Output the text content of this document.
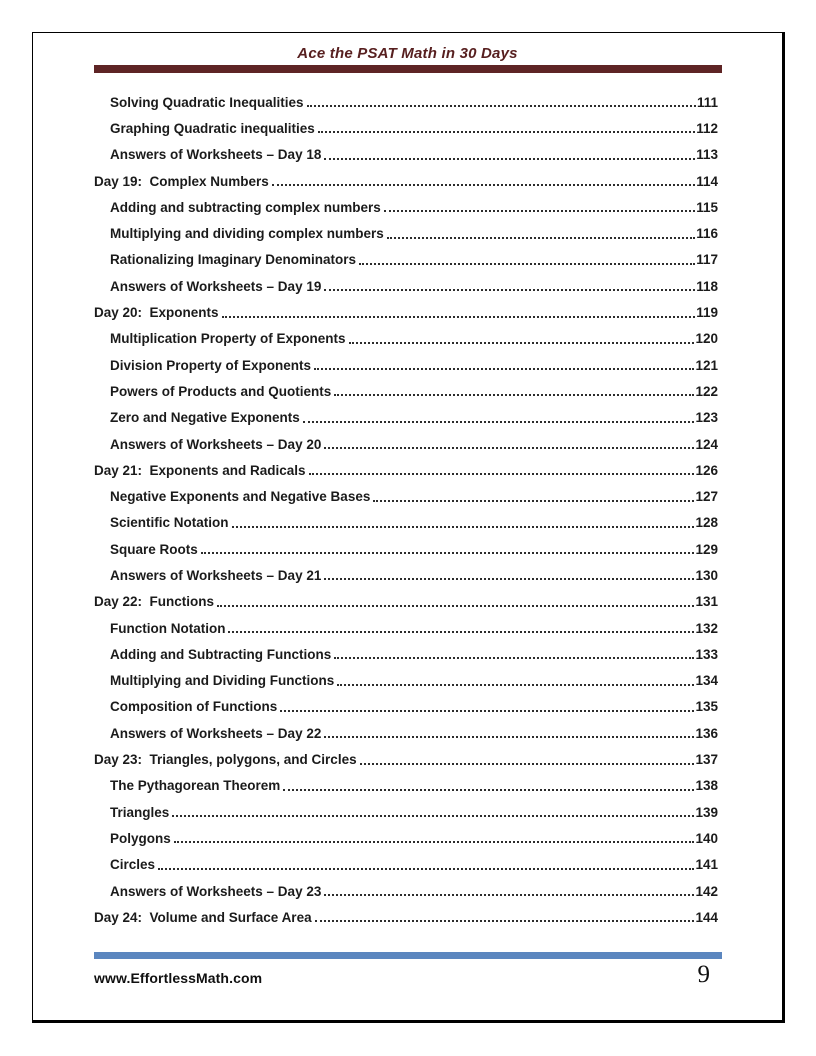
Ace the PSAT Math in 30 Days
Solving Quadratic Inequalities	111
Graphing Quadratic inequalities	112
Answers of Worksheets – Day 18	113
Day 19:  Complex Numbers	114
Adding and subtracting complex numbers	115
Multiplying and dividing complex numbers	116
Rationalizing Imaginary Denominators	117
Answers of Worksheets – Day 19	118
Day 20:  Exponents	119
Multiplication Property of Exponents	120
Division Property of Exponents	121
Powers of Products and Quotients	122
Zero and Negative Exponents	123
Answers of Worksheets – Day 20	124
Day 21:  Exponents and Radicals	126
Negative Exponents and Negative Bases	127
Scientific Notation	128
Square Roots	129
Answers of Worksheets – Day 21	130
Day 22:  Functions	131
Function Notation	132
Adding and Subtracting Functions	133
Multiplying and Dividing Functions	134
Composition of Functions	135
Answers of Worksheets – Day 22	136
Day 23:  Triangles, polygons, and Circles	137
The Pythagorean Theorem	138
Triangles	139
Polygons	140
Circles	141
Answers of Worksheets – Day 23	142
Day 24:  Volume and Surface Area	144
www.EffortlessMath.com	9
